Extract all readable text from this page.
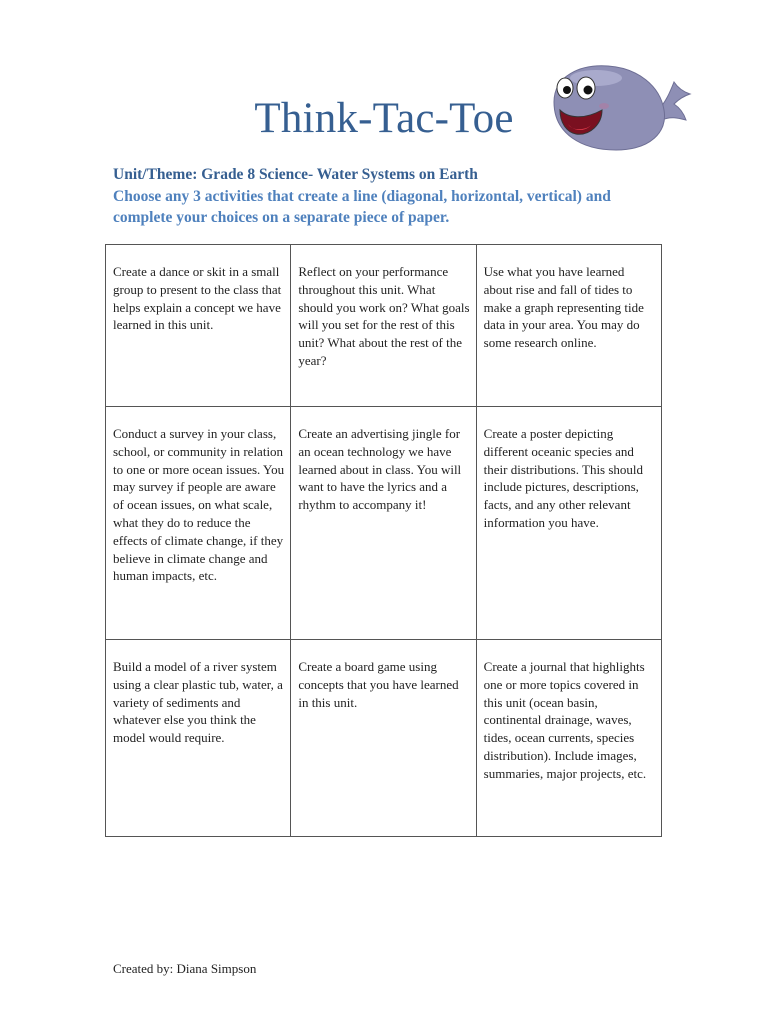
Think-Tac-Toe
Unit/Theme: Grade 8 Science- Water Systems on Earth
Choose any 3 activities that create a line (diagonal, horizontal, vertical) and complete your choices on a separate piece of paper.
Create a dance or skit in a small group to present to the class that helps explain a concept we have learned in this unit.	Reflect on your performance throughout this unit. What should you work on? What goals will you set for the rest of this unit? What about the rest of the year?	Use what you have learned about rise and fall of tides to make a graph representing tide data in your area. You may do some research online.
Conduct a survey in your class, school, or community in relation to one or more ocean issues. You may survey if people are aware of ocean issues, on what scale, what they do to reduce the effects of climate change, if they believe in climate change and human impacts, etc.	Create an advertising jingle for an ocean technology we have learned about in class. You will want to have the lyrics and a rhythm to accompany it!	Create a poster depicting different oceanic species and their distributions. This should include pictures, descriptions, facts, and any other relevant information you have.
Build a model of a river system using a clear plastic tub, water, a variety of sediments and whatever else you think the model would require.	Create a board game using concepts that you have learned in this unit.	Create a journal that highlights one or more topics covered in this unit (ocean basin, continental drainage, waves, tides, ocean currents, species distribution). Include images, summaries, major projects, etc.
Created by: Diana Simpson
